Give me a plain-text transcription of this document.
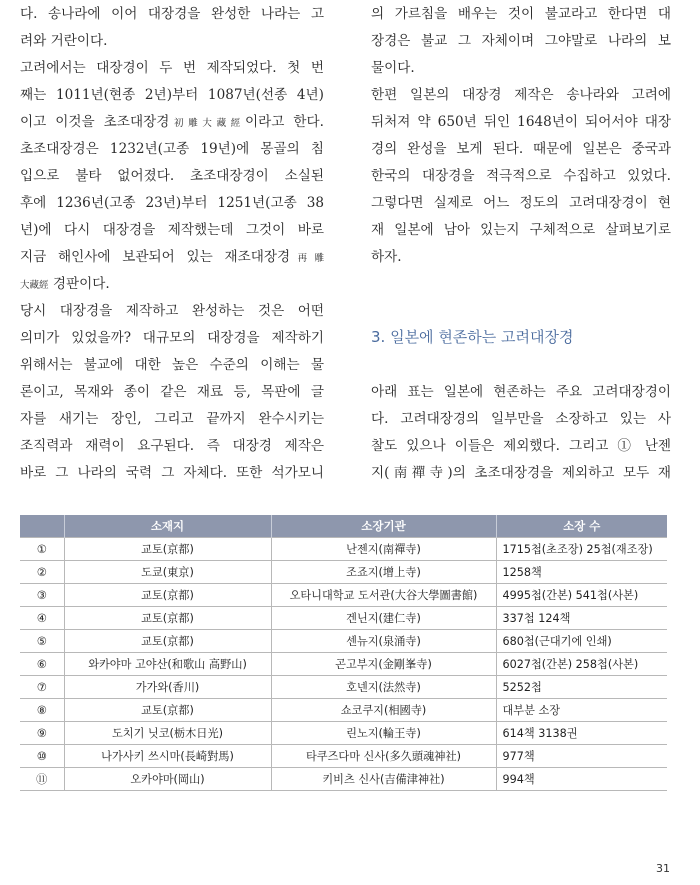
다. 송나라에 이어 대장경을 완성한 나라는 고
려와 거란이다.
고려에서는 대장경이 두 번 제작되었다. 첫 번
째는 1011년(현종 2년)부터 1087년(선종 4년)
이고 이것을 초조대장경初雕大藏經이라고 한다.
초조대장경은 1232년(고종 19년)에 몽골의 침
입으로 불타 없어졌다. 초조대장경이 소실된
후에 1236년(고종 23년)부터 1251년(고종 38
년)에 다시 대장경을 제작했는데 그것이 바로
지금 해인사에 보관되어 있는 재조대장경再雕
大藏經 경판이다.
당시 대장경을 제작하고 완성하는 것은 어떤
의미가 있었을까? 대규모의 대장경을 제작하기
위해서는 불교에 대한 높은 수준의 이해는 물
론이고, 목재와 종이 같은 재료 등, 목판에 글
자를 새기는 장인, 그리고 끝까지 완수시키는
조직력과 재력이 요구된다. 즉 대장경 제작은
바로 그 나라의 국력 그 자체다. 또한 석가모니
의 가르침을 배우는 것이 불교라고 한다면 대
장경은 불교 그 자체이며 그야말로 나라의 보
물이다.
한편 일본의 대장경 제작은 송나라와 고려에
뒤처져 약 650년 뒤인 1648년이 되어서야 대장
경의 완성을 보게 된다. 때문에 일본은 중국과
한국의 대장경을 적극적으로 수집하고 있었다.
그렇다면 실제로 어느 정도의 고려대장경이 현
재 일본에 남아 있는지 구체적으로 살펴보기로
하자.
3. 일본에 현존하는 고려대장경
아래 표는 일본에 현존하는 주요 고려대장경이
다. 고려대장경의 일부만을 소장하고 있는 사
찰도 있으나 이들은 제외했다. 그리고 ① 난젠
지(南禪寺)의 초조대장경을 제외하고 모두 재
	소재지	소장기관	소장 수
①	교토(京都)	난젠지(南禪寺)	1715첩(초조장) 25첩(재조장)
②	도쿄(東京)	조죠지(增上寺)	1258책
③	교토(京都)	오타니대학교 도서관(大谷大學圖書館)	4995첩(간본) 541첩(사본)
④	교토(京都)	겐닌지(建仁寺)	337첩 124책
⑤	교토(京都)	센뉴지(泉涌寺)	680첩(근대기에 인쇄)
⑥	와카야마 고야산(和歌山 高野山)	곤고부지(金剛峯寺)	6027첩(간본) 258첩(사본)
⑦	가가와(香川)	호넨지(法然寺)	5252첩
⑧	교토(京都)	쇼코쿠지(相國寺)	대부분 소장
⑨	도치기 닛코(栃木日光)	린노지(輪王寺)	614책 3138권
⑩	나가사키 쓰시마(長崎對馬)	타쿠즈다마 신사(多久頭魂神社)	977책
⑪	오카야마(岡山)	키비츠 신사(吉備津神社)	994책
31
